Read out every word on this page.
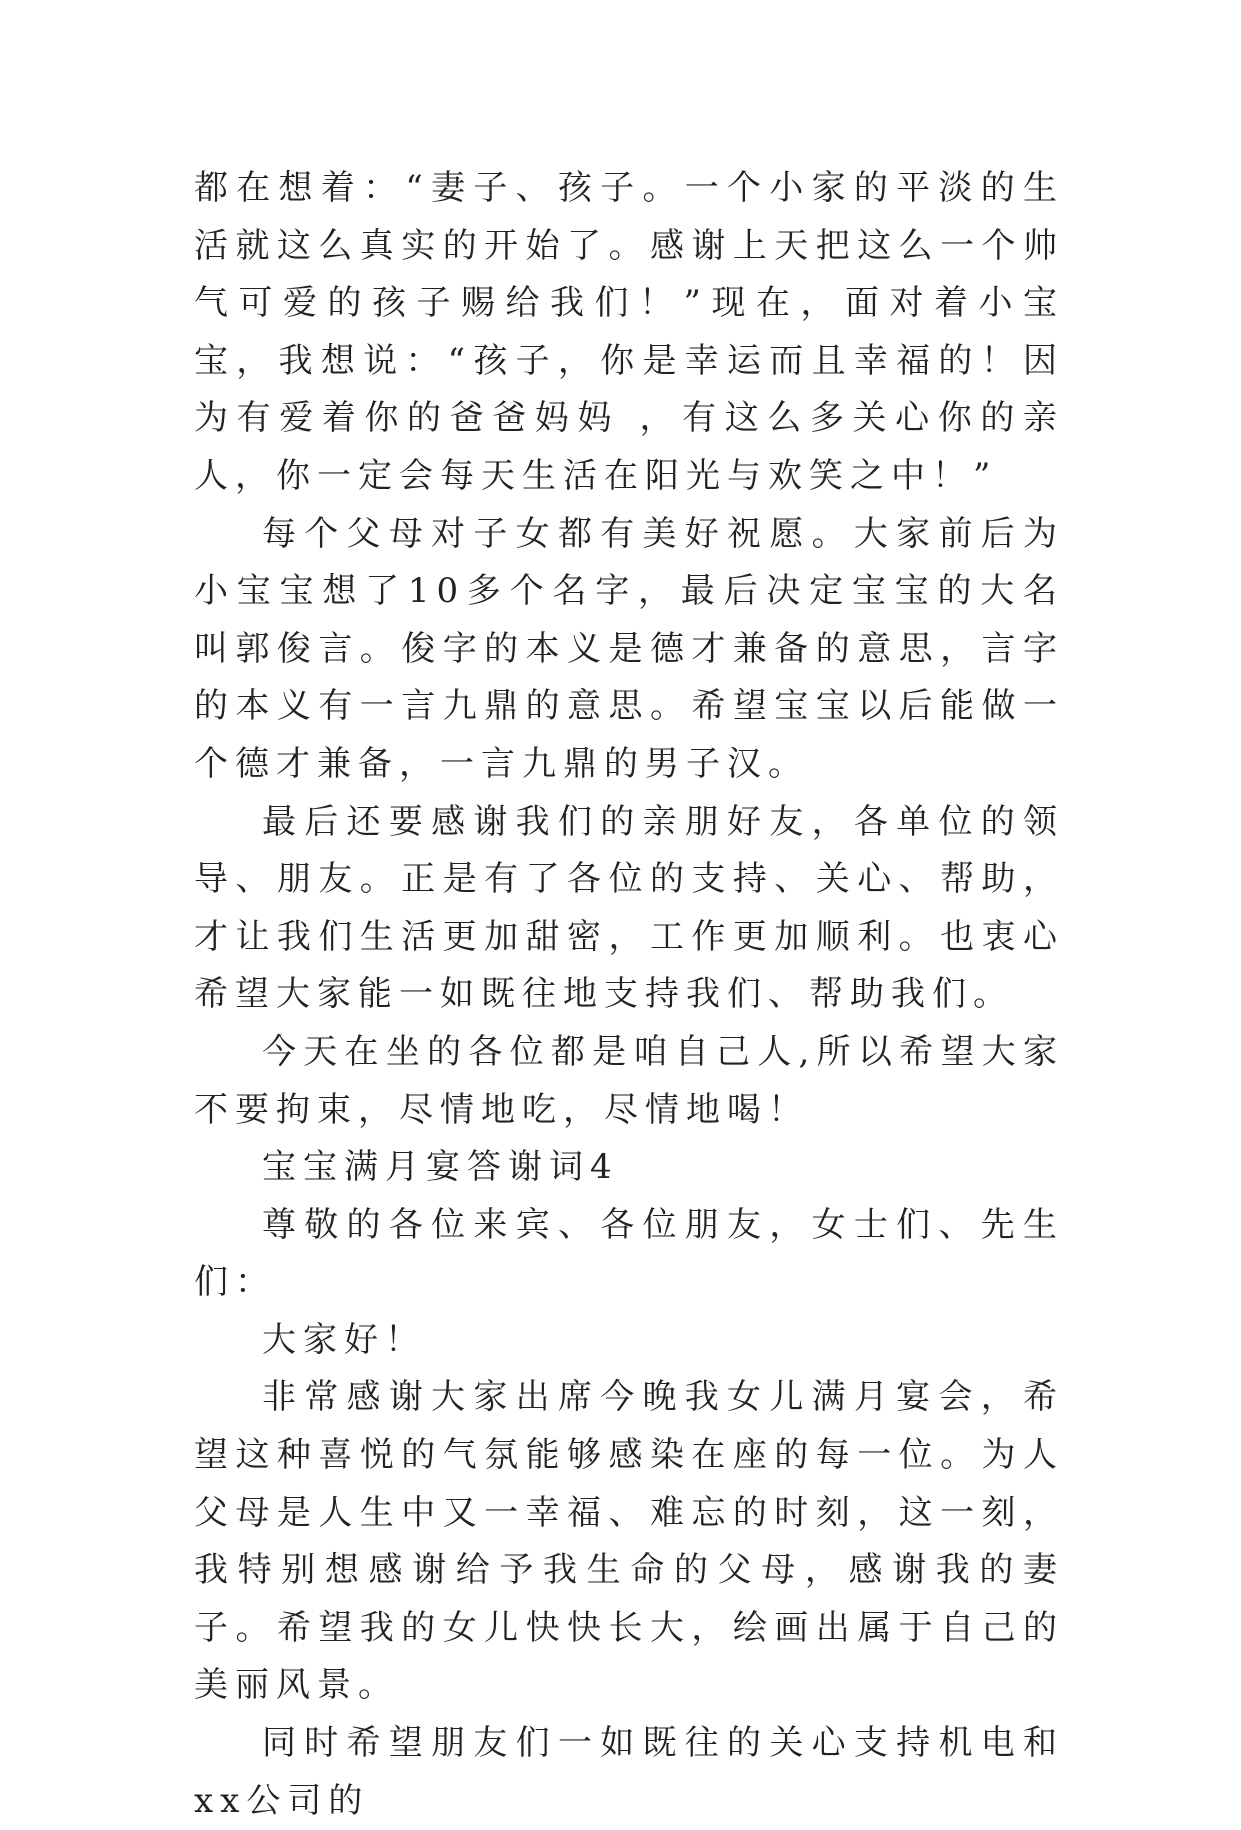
都在想着：“妻子、孩子。一个小家的平淡的生活就这么真实的开始了。感谢上天把这么一个帅气可爱的孩子赐给我们！”现在，面对着小宝宝，我想说：“孩子，你是幸运而且幸福的！因为有爱着你的爸爸妈妈 ，有这么多关心你的亲人，你一定会每天生活在阳光与欢笑之中！”

每个父母对子女都有美好祝愿。大家前后为小宝宝想了10多个名字，最后决定宝宝的大名叫郭俊言。俊字的本义是德才兼备的意思，言字的本义有一言九鼎的意思。希望宝宝以后能做一个德才兼备，一言九鼎的男子汉。

最后还要感谢我们的亲朋好友，各单位的领导、朋友。正是有了各位的支持、关心、帮助，才让我们生活更加甜密，工作更加顺利。也衷心希望大家能一如既往地支持我们、帮助我们。

今天在坐的各位都是咱自己人,所以希望大家不要拘束，尽情地吃，尽情地喝！

宝宝满月宴答谢词4

尊敬的各位来宾、各位朋友，女士们、先生们：

大家好！

非常感谢大家出席今晚我女儿满月宴会，希望这种喜悦的气氛能够感染在座的每一位。为人父母是人生中又一幸福、难忘的时刻，这一刻，我特别想感谢给予我生命的父母，感谢我的妻子。希望我的女儿快快长大，绘画出属于自己的美丽风景。

同时希望朋友们一如既往的关心支持机电和xx公司的
